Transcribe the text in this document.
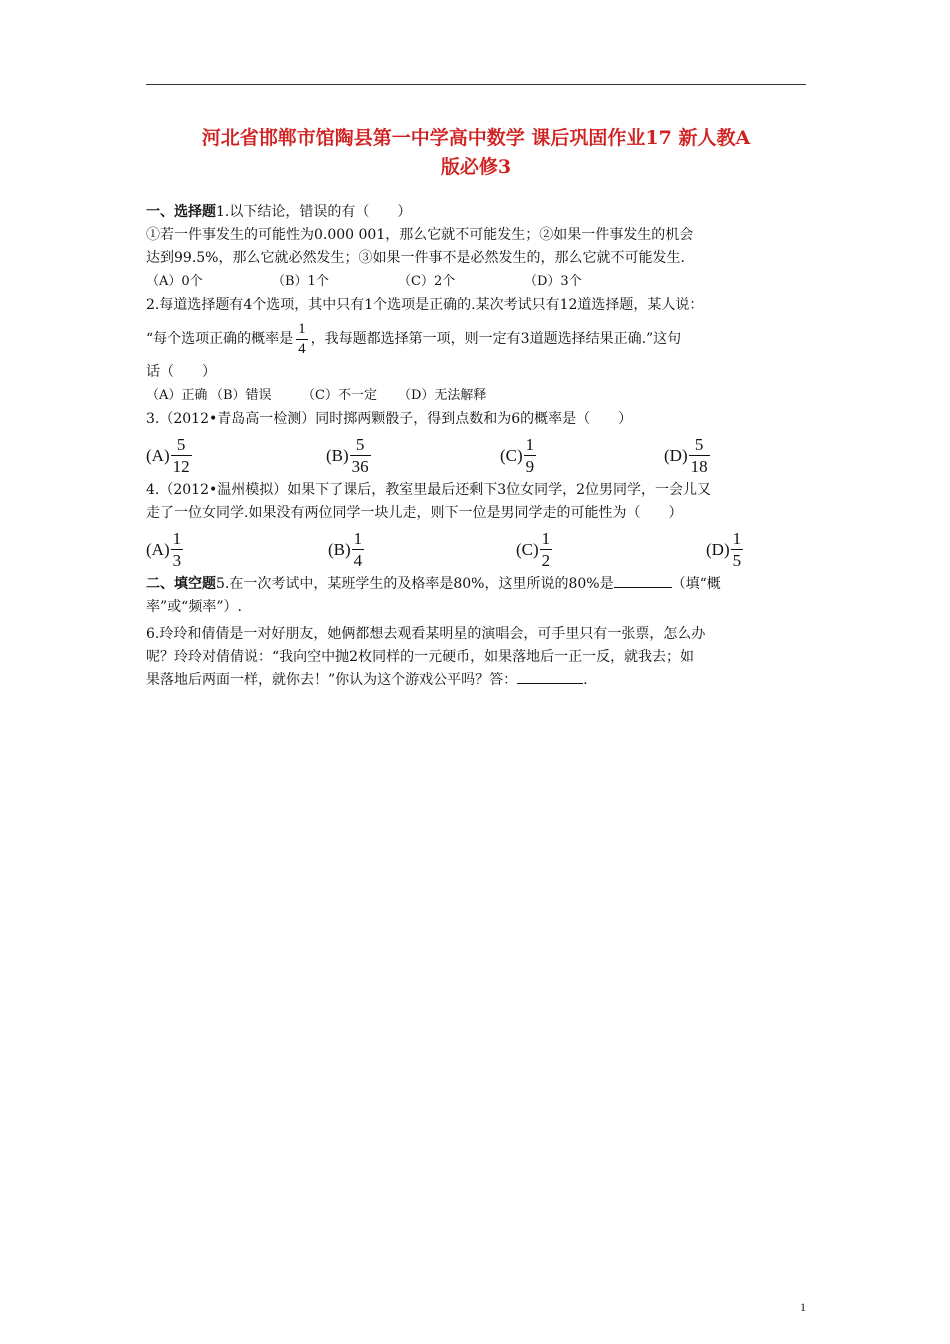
河北省邯郸市馆陶县第一中学高中数学 课后巩固作业17 新人教A
版必修3
一、选择题1.以下结论，错误的有（　　）
①若一件事发生的可能性为0.000 001，那么它就不可能发生；②如果一件事发生的机会
达到99.5%，那么它就必然发生；③如果一件事不是必然发生的，那么它就不可能发生.
（A）0个	（B）1个	（C）2个	（D）3个
2.每道选择题有4个选项，其中只有1个选项是正确的.某次考试只有12道选择题，某人说：
“每个选项正确的概率是 $\frac{1}{4}$ ，我每题都选择第一项，则一定有3道题选择结果正确.”这句
话（　　）
（A）正确 （B）错误	（C）不一定	（D）无法解释
3.（2012•青岛高一检测）同时掷两颗骰子，得到点数和为6的概率是（　　）
$(A) \frac{5}{12}$	$(B) \frac{5}{36}$	$(C) \frac{1}{9}$	$(D) \frac{5}{18}$
4.（2012•温州模拟）如果下了课后，教室里最后还剩下3位女同学，2位男同学，一会儿又
走了一位女同学.如果没有两位同学一块儿走，则下一位是男同学走的可能性为（　　）
$(A) \frac{1}{3}$	$(B) \frac{1}{4}$	$(C) \frac{1}{2}$	$(D) \frac{1}{5}$
二、填空题5.在一次考试中，某班学生的及格率是80%，这里所说的80%是	（填“概
率”或“频率”）.
6.玲玲和倩倩是一对好朋友，她俩都想去观看某明星的演唱会，可手里只有一张票，怎么办
呢？玲玲对倩倩说：“我向空中抛2枚同样的一元硬币，如果落地后一正一反，就我去；如
果落地后两面一样，就你去！”你认为这个游戏公平吗？答：	.
1
